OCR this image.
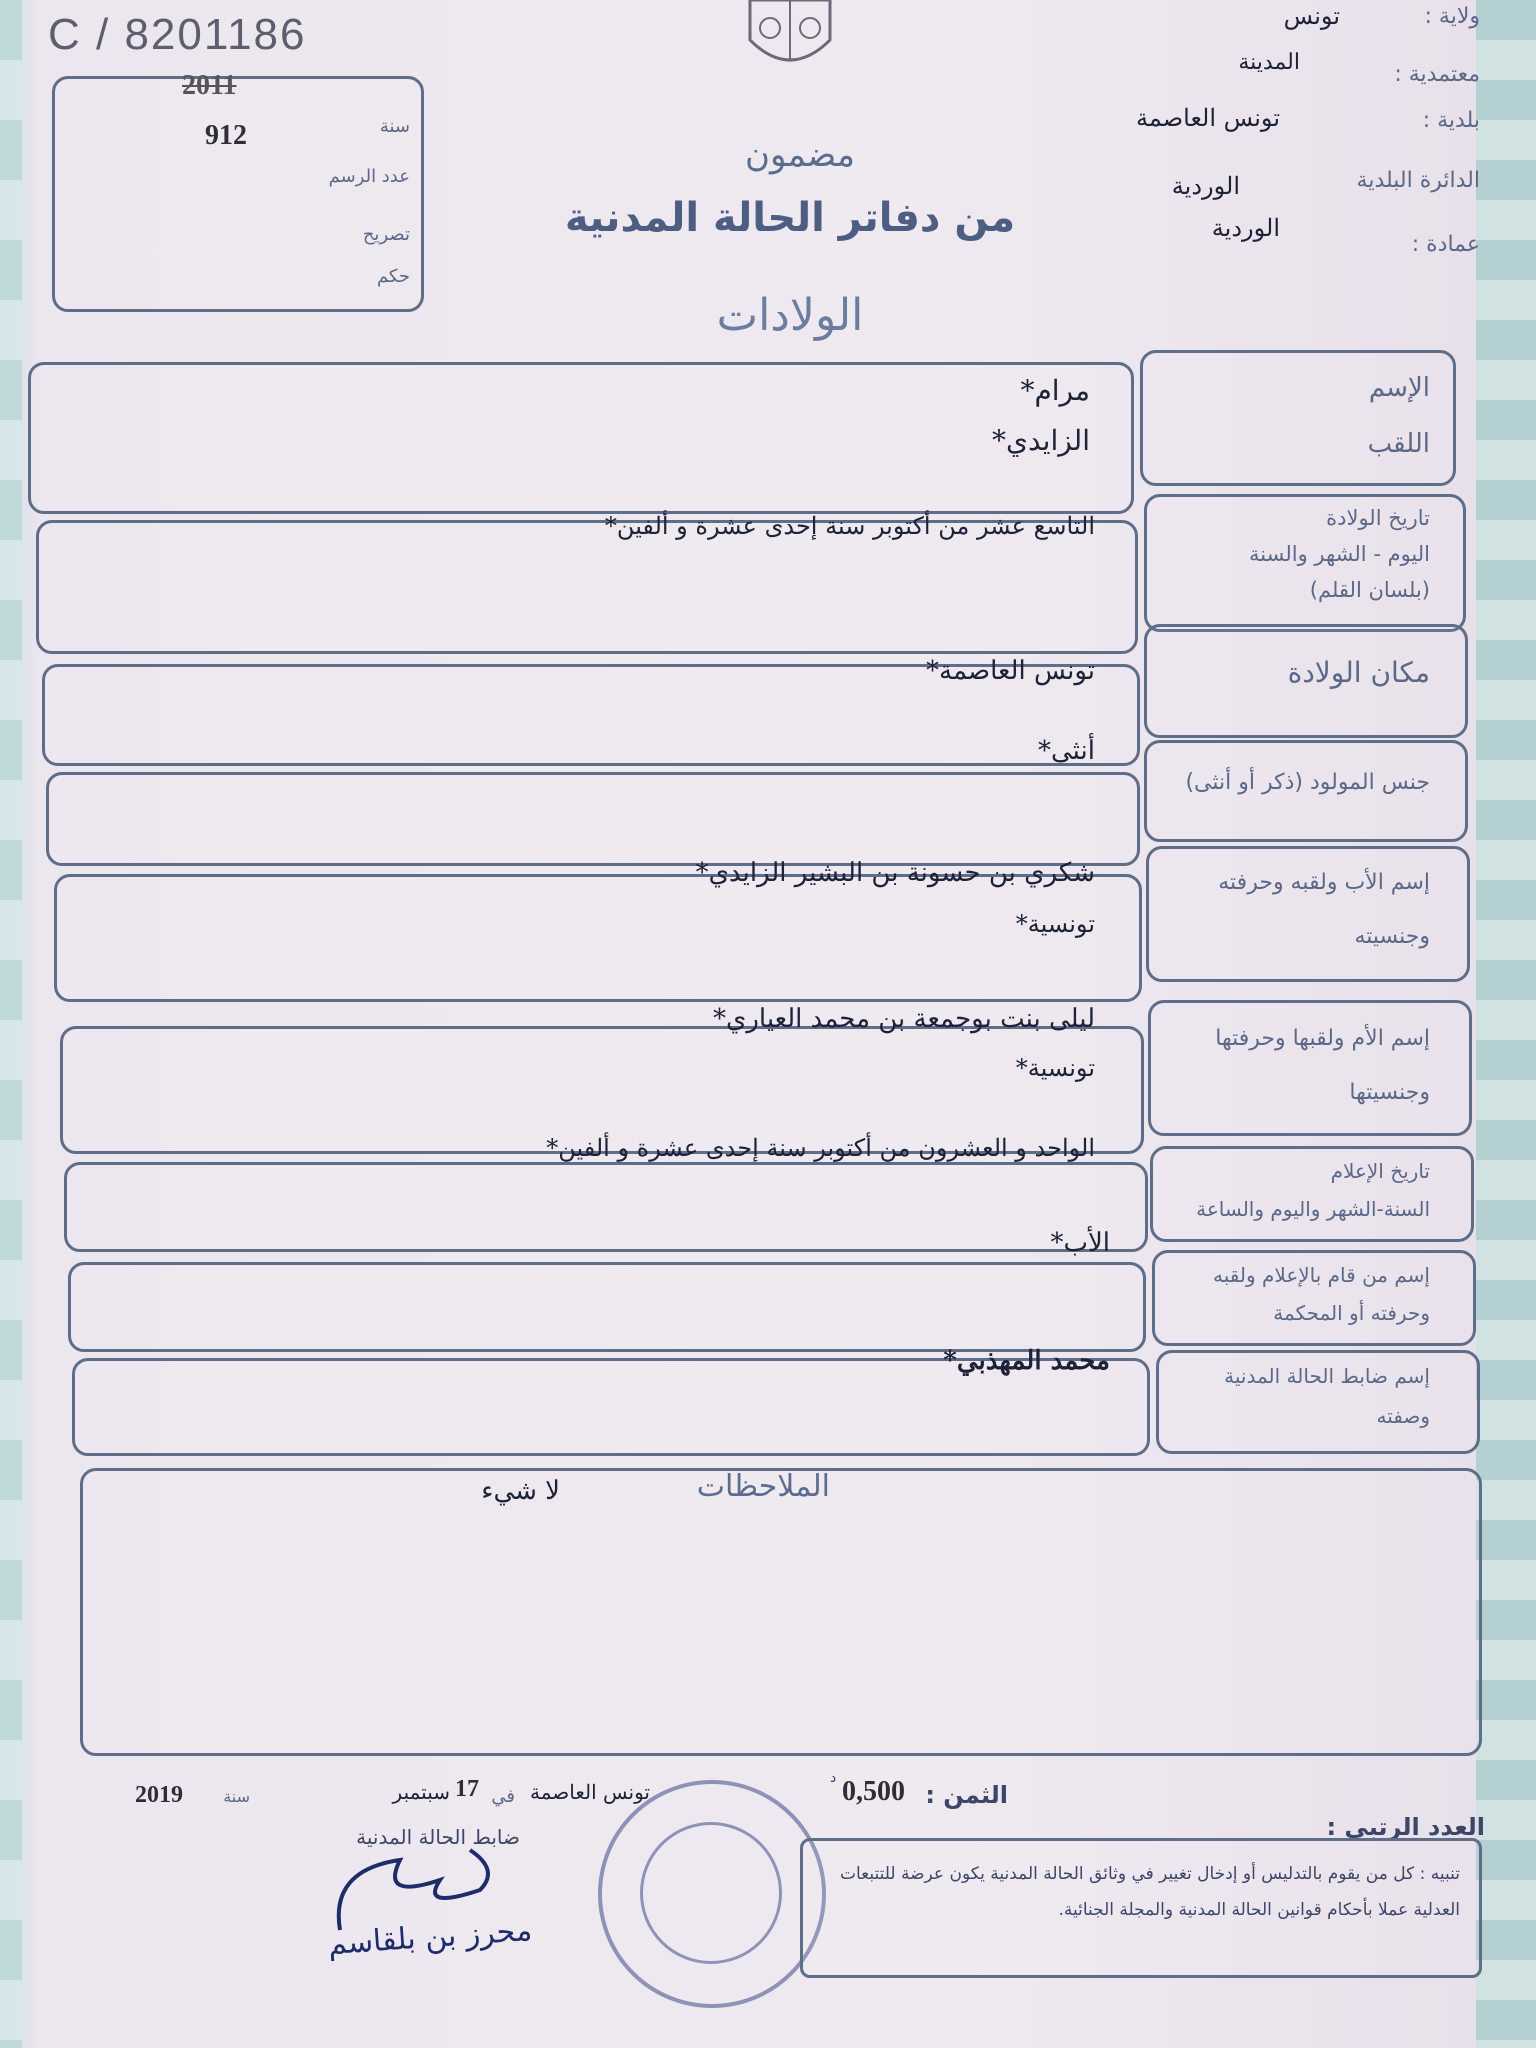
C / 8201186
2011
912	سنة
عدد الرسم
تصريح
حكم
ولاية :
تونس
معتمدية :
المدينة
بلدية :
تونس العاصمة
الدائرة البلدية
الوردية
عمادة :
الوردية
مضمون
من دفاتر الحالة المدنية
الولادات
الإسم
اللقب
مرام*
الزايدي*
تاريخ الولادة
اليوم - الشهر والسنة
(بلسان القلم)
التاسع عشر من أكتوبر سنة إحدى عشرة و ألفين*
مكان الولادة
تونس العاصمة*
جنس المولود (ذكر أو أنثى)
أنثى*
إسم الأب ولقبه وحرفته
وجنسيته
شكري بن حسونة بن البشير الزايدي*
تونسية*
إسم الأم ولقبها وحرفتها
وجنسيتها
ليلى بنت بوجمعة بن محمد العياري*
تونسية*
تاريخ الإعلام
السنة-الشهر واليوم والساعة
الواحد و العشرون من أكتوبر سنة إحدى عشرة و ألفين*
إسم من قام بالإعلام ولقبه
وحرفته أو المحكمة
الأب*
إسم ضابط الحالة المدنية
وصفته
محمد المهذبي*
الملاحظات
لا شيء
2019	سنة	سبتمبر 17 في تونس العاصمة	0,500
د
الثمن :
العدد الرتبي :
ضابط الحالة المدنية
محرز بن بلقاسم
تنبيه : كل من يقوم بالتدليس أو إدخال تغيير في وثائق الحالة المدنية يكون عرضة للتتبعات العدلية عملا بأحكام قوانين الحالة المدنية والمجلة الجنائية.
